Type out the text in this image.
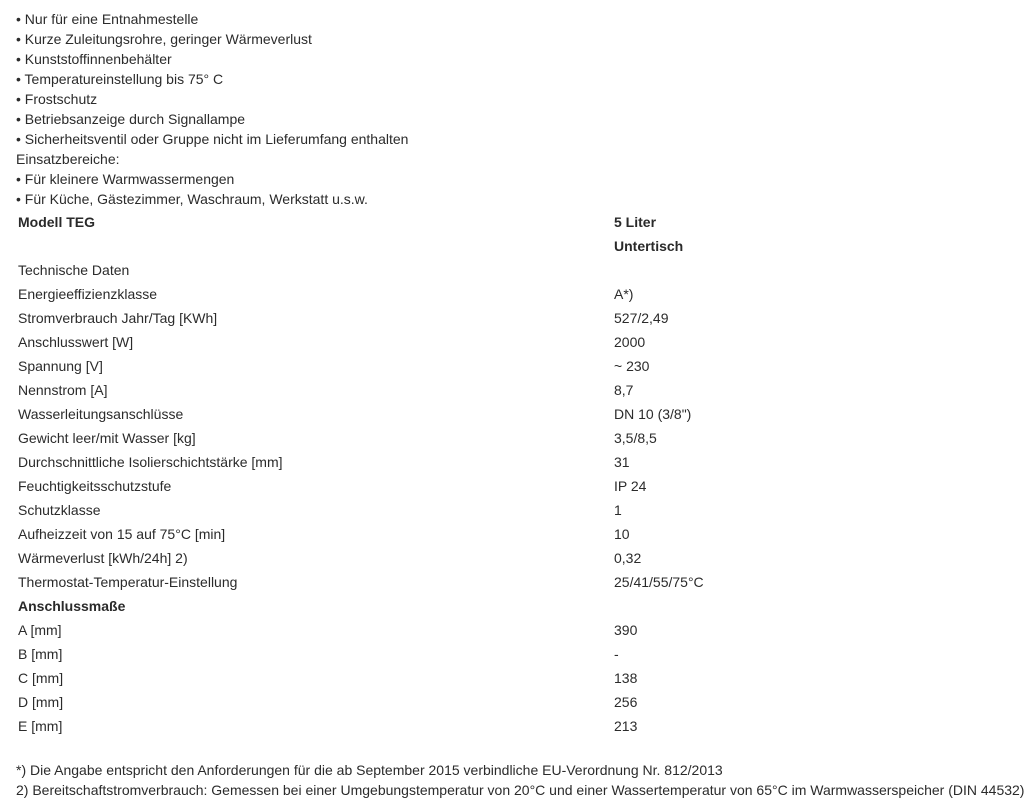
• Nur für eine Entnahmestelle
• Kurze Zuleitungsrohre, geringer Wärmeverlust
• Kunststoffinnenbehälter
• Temperatureinstellung bis 75° C
• Frostschutz
• Betriebsanzeige durch Signallampe
• Sicherheitsventil oder Gruppe nicht im Lieferumfang enthalten
Einsatzbereiche:
• Für kleinere Warmwassermengen
• Für Küche, Gästezimmer, Waschraum, Werkstatt u.s.w.
Modell TEG	5 Liter
	Untertisch
Technische Daten	
Energieeffizienzklasse	A*)
Stromverbrauch Jahr/Tag [KWh]	527/2,49
Anschlusswert [W]	2000
Spannung [V]	~ 230
Nennstrom [A]	8,7
Wasserleitungsanschlüsse	DN 10 (3/8")
Gewicht leer/mit Wasser [kg]	3,5/8,5
Durchschnittliche Isolierschichtstärke [mm]	31
Feuchtigkeitsschutzstufe	IP 24
Schutzklasse	1
Aufheizzeit von 15 auf 75°C [min]	10
Wärmeverlust [kWh/24h] 2)	0,32
Thermostat-Temperatur-Einstellung	25/41/55/75°C
Anschlussmaße	
A [mm]	390
B [mm]	-
C [mm]	138
D [mm]	256
E [mm]	213
*) Die Angabe entspricht den Anforderungen für die ab September 2015 verbindliche EU-Verordnung Nr. 812/2013
2) Bereitschaftstromverbrauch: Gemessen bei einer Umgebungstemperatur von 20°C und einer Wassertemperatur von 65°C im Warmwasserspeicher (DIN 44532)
